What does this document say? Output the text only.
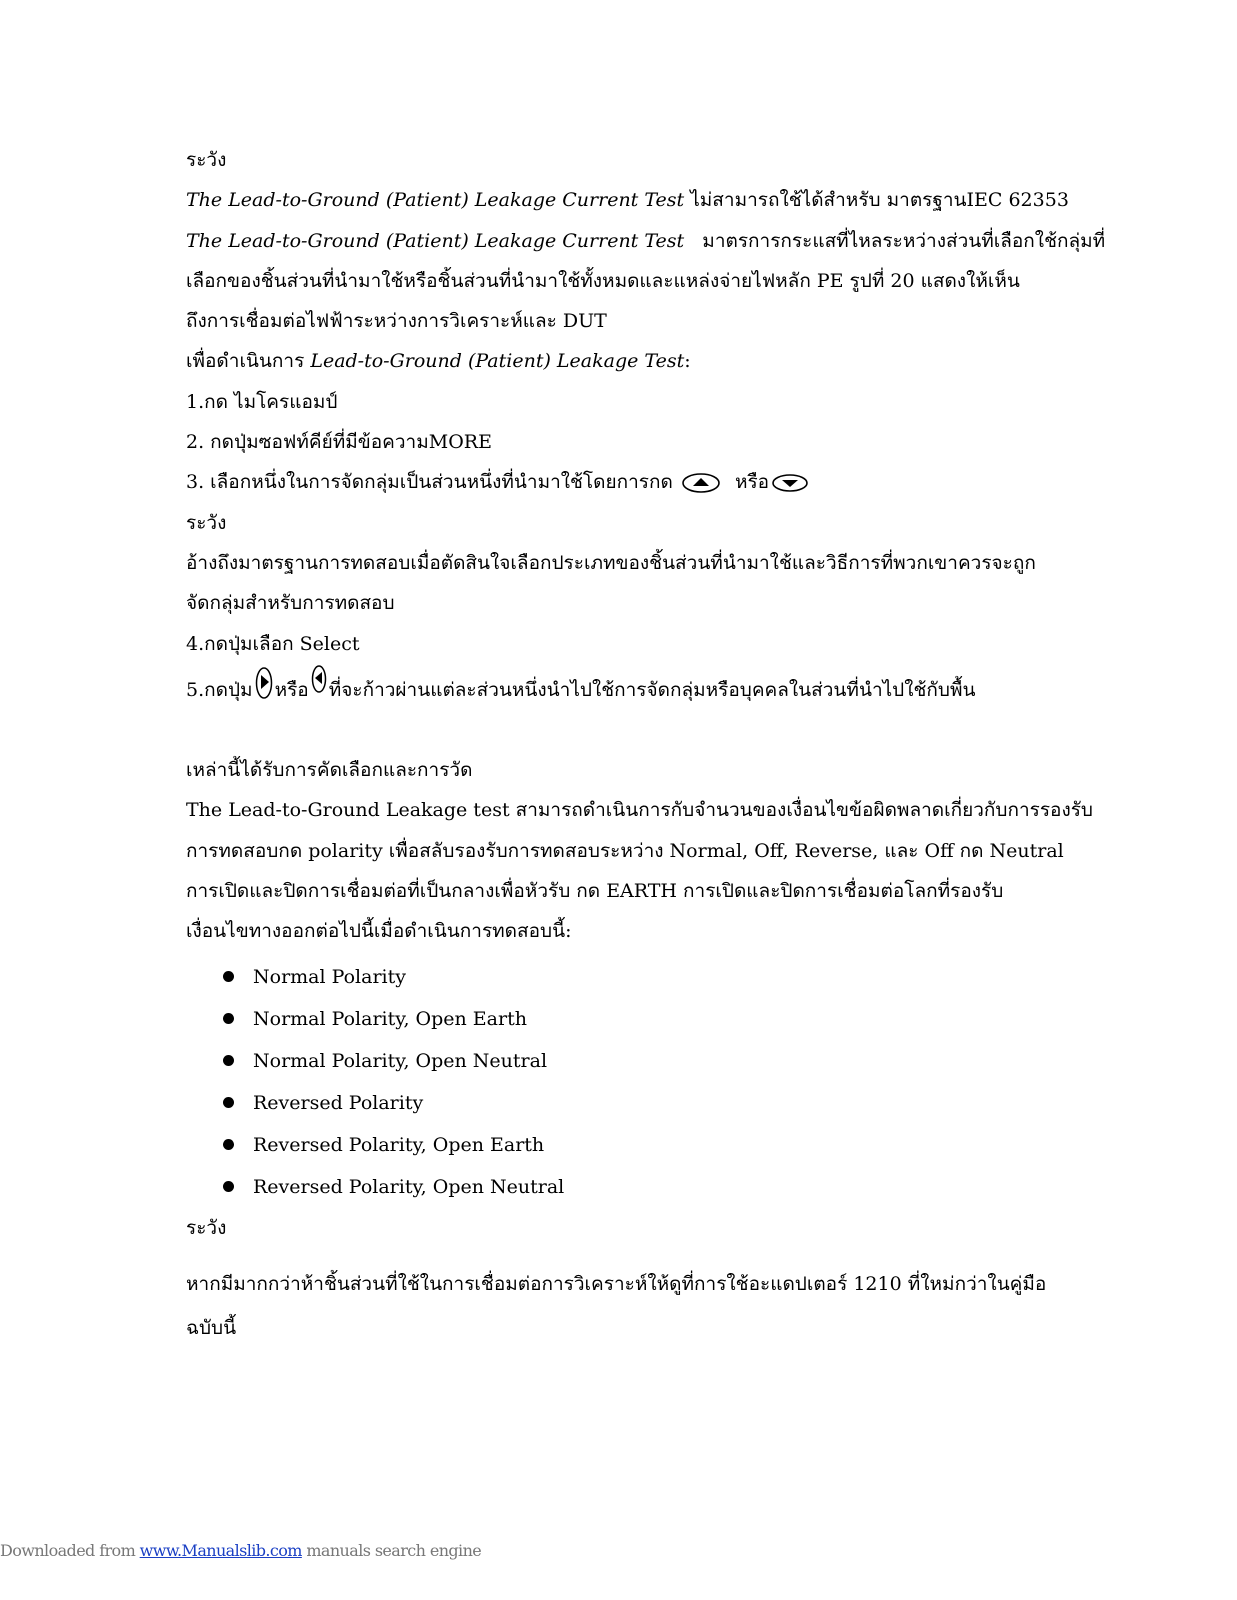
ระวัง
The Lead-to-Ground (Patient) Leakage Current Test ไม่สามารถใช้ได้สำหรับ มาตรฐานIEC 62353
The Lead-to-Ground (Patient) Leakage Current Test   มาตรการกระแสที่ไหลระหว่างส่วนที่เลือกใช้กลุ่มที่
เลือกของชิ้นส่วนที่นำมาใช้หรือชิ้นส่วนที่นำมาใช้ทั้งหมดและแหล่งจ่ายไฟหลัก PE รูปที่ 20 แสดงให้เห็น
ถึงการเชื่อมต่อไฟฟ้าระหว่างการวิเคราะห์และ DUT
เพื่อดำเนินการ Lead-to-Ground (Patient) Leakage Test:
1.กด ไมโครแอมป์
2. กดปุ่มซอฟท์คีย์ที่มีข้อความMORE
3. เลือกหนึ่งในการจัดกลุ่มเป็นส่วนหนึ่งที่นำมาใช้โดยการกด	หรือ
ระวัง
อ้างถึงมาตรฐานการทดสอบเมื่อตัดสินใจเลือกประเภทของชิ้นส่วนที่นำมาใช้และวิธีการที่พวกเขาควรจะถูก
จัดกลุ่มสำหรับการทดสอบ
4.กดปุ่มเลือก Select
5.กดปุ่ม หรือ ที่จะก้าวผ่านแต่ละส่วนหนึ่งนำไปใช้การจัดกลุ่มหรือบุคคลในส่วนที่นำไปใช้กับพื้น
เหล่านี้ได้รับการคัดเลือกและการวัด
The Lead-to-Ground Leakage test สามารถดำเนินการกับจำนวนของเงื่อนไขข้อผิดพลาดเกี่ยวกับการรองรับ
การทดสอบกด polarity เพื่อสลับรองรับการทดสอบระหว่าง Normal, Off, Reverse, และ Off กด Neutral
การเปิดและปิดการเชื่อมต่อที่เป็นกลางเพื่อหัวรับ กด EARTH การเปิดและปิดการเชื่อมต่อโลกที่รองรับ
เงื่อนไขทางออกต่อไปนี้เมื่อดำเนินการทดสอบนี้:
Normal Polarity
Normal Polarity, Open Earth
Normal Polarity, Open Neutral
Reversed Polarity
Reversed Polarity, Open Earth
Reversed Polarity, Open Neutral
ระวัง
หากมีมากกว่าห้าชิ้นส่วนที่ใช้ในการเชื่อมต่อการวิเคราะห์ให้ดูที่การใช้อะแดปเตอร์ 1210 ที่ใหม่กว่าในคู่มือ
ฉบับนี้
Downloaded from www.Manualslib.com manuals search engine
